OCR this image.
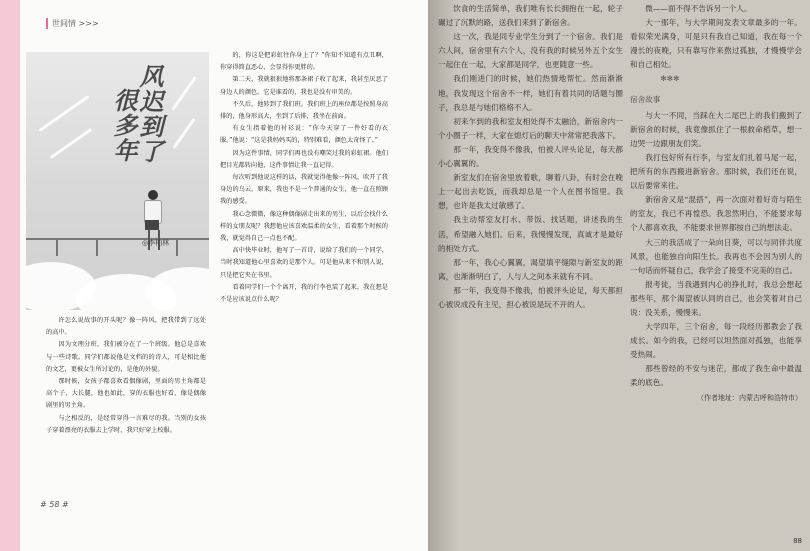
世间情 >>>
风迟到了
很多年
◎李柏林

许怎么说故事的开头呢？像一阵风，把我带到了远处的高中。

因为文理分班，我们被分在了一个班级。他总是喜欢与一些诗歌。同学们都说他是文档的的诗人，可是相比他的文艺，更被女生所讨论的，是他的外貌。

那时候，女孩子都喜欢看偶像剧，里面的男主角都是高个子，大长腿，他也如此，穿的衣服也好看，像是偶像剧里的男主角。

与之相反的，是经常穿得一言难尽的我。当别的女孩子穿着漂亮的衣服去上学时，我只好穿上校服。

的，你这是把彩虹往你身上了？”你知不知道有点丑啊，你穿得简直恶心，会显得你更胖的。

第二天，我就狠狠地将那条裙子收了起来，我甚至厌恶了身边人的颜色。它是谁看的，我也是没有审美的。

不久后，他转到了我们班。我们班上的座位都是按照身高排的，他身形高大，坐到了后排，我坐在前面。

有女生指着他的衬衫说：“你今天穿了一件好看的衣服。”他说：“这是我妈妈买的，特别难看，颜色太奇怪了。”

因为这件事情，同学们再也没有嘲笑过我的彩虹裙。他们把目光都转向他，这件事情让我一直记得。

每次听到他说这样的话，我就觉得他像一阵风，吹开了我身边的乌云。原来，我也不是一个普通的女生，他一直在照顾我的感受。

我心念微微，像这种偶像剧走出来的男生，以后会找什么样的女朋友呢？我想他应该喜欢温柔的女生，看着那个时候的我，就觉得自己一点也不配。

高中快毕业时，他写了一首诗，说给了我们的一个同学，当时我知道他心里喜欢的是那个人。可是他从来不和别人说，只是把它夹在书里。

看着同学们一个个离开，我的行李也装了起来，我在想是不是应该说点什么呢？

# 58 #

饮食的生活简单，我们唯有长长拥抱在一起，轮子碾过了沉默的路，送我们来到了新宿舍。

这一次，我是同专业学生分到了一个宿舍。我们是六人间，宿舍里有六个人，没有我的时候另外五个女生一起住在一起，大家都是同学，也更随意一些。

我们刚进门的时候，她们热情地帮忙。然而渐渐地，我发现这个宿舍不一样，她们有着共同的话题与圈子，我总是与她们格格不入。

初来乍到的我和室友相处得不太融洽，新宿舍内一个小圈子一样，大家在熄灯后的聊天中常常把我落下。

那一年，我变得不像我，怕被人评头论足，每天都小心翼翼的。

新室友们在宿舍里放着歌，聊着八卦，有时会在晚上一起出去吃饭，而我却总是一个人在图书馆里。我想，也许是我太过敏感了。

我主动帮室友打水、带饭、找话题，讲述我的生活，希望融入她们。后来，我慢慢发现，真诚才是最好的相处方式。

那一年，我心心翼翼，渴望填平缝隙与新室友的距离，也渐渐明白了，人与人之间本来就有不同。

那一年，我变得不像我，怕被评头论足，每天都担心被说成没有主见，担心被说是玩不开的人。

微——面不得不告诉另一个人。

大一那年，与大学期间发表文章最多的一年。看似荣光满身，可是只有我自己知道，我在每一个漫长的夜晚，只有靠写作来熬过孤独，才慢慢学会和自己相处。

✻✻✻

宿舍故事

与大一不同，当踩在大二尾巴上的我们搬到了新宿舍的时候，我竟像抓住了一根救命稻草，想一边哭一边跟朋友们笑。

我打包好所有行李，与室友们扎着马尾一起，把所有的东西搬进新宿舍。那时候，我们还在说，以后要常来往。

新宿舍又是“混搭”，再一次面对着好奇与陌生的室友，我已不再惶恐。我忽然明白，不能要求每个人都喜欢我，不能要求世界都按自己的想法走。

大三的我活成了一朵向日葵，可以与同伴共度风景，也能独自向阳生长。我再也不会因为别人的一句话而怀疑自己，我学会了接受不完美的自己。

报考徒，当我遇到内心的挣扎时，我总会想起那些年，那个渴望被认同的自己，也会笑着对自己说：没关系，慢慢来。

大学四年，三个宿舍，每一段经历都教会了我成长。如今的我，已经可以坦然面对孤独，也能享受热闹。

那些曾经的不安与迷茫，都成了我生命中最温柔的底色。

（作者地址：内蒙古呼和浩特市）

88
